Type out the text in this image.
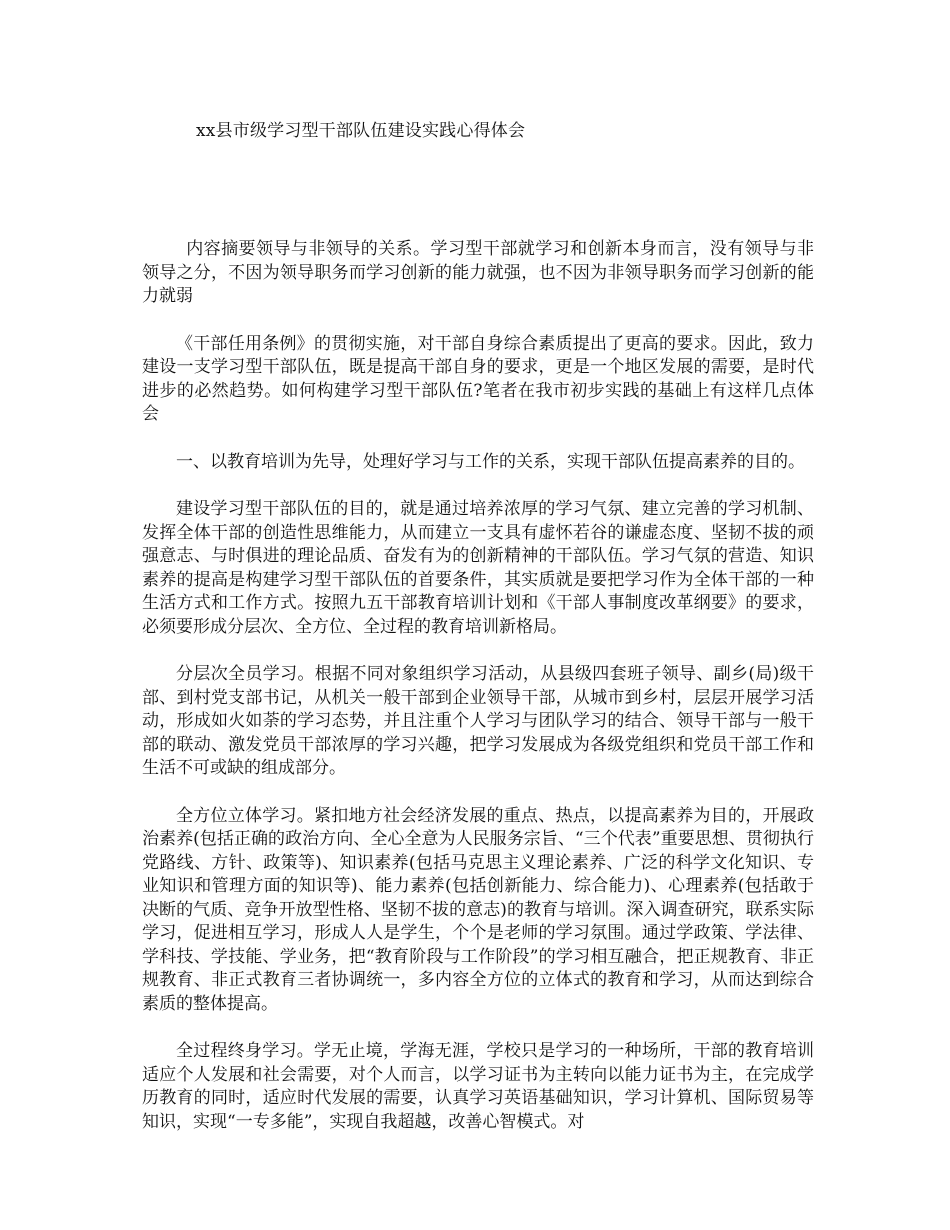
xx县市级学习型干部队伍建设实践心得体会

内容摘要领导与非领导的关系。学习型干部就学习和创新本身而言，没有领导与非领导之分，不因为领导职务而学习创新的能力就强，也不因为非领导职务而学习创新的能力就弱

《干部任用条例》的贯彻实施，对干部自身综合素质提出了更高的要求。因此，致力建设一支学习型干部队伍，既是提高干部自身的要求，更是一个地区发展的需要，是时代进步的必然趋势。如何构建学习型干部队伍?笔者在我市初步实践的基础上有这样几点体会

一、以教育培训为先导，处理好学习与工作的关系，实现干部队伍提高素养的目的。

建设学习型干部队伍的目的，就是通过培养浓厚的学习气氛、建立完善的学习机制、发挥全体干部的创造性思维能力，从而建立一支具有虚怀若谷的谦虚态度、坚韧不拔的顽强意志、与时俱进的理论品质、奋发有为的创新精神的干部队伍。学习气氛的营造、知识素养的提高是构建学习型干部队伍的首要条件，其实质就是要把学习作为全体干部的一种生活方式和工作方式。按照九五干部教育培训计划和《干部人事制度改革纲要》的要求，必须要形成分层次、全方位、全过程的教育培训新格局。

分层次全员学习。根据不同对象组织学习活动，从县级四套班子领导、副乡(局)级干部、到村党支部书记，从机关一般干部到企业领导干部，从城市到乡村，层层开展学习活动，形成如火如荼的学习态势，并且注重个人学习与团队学习的结合、领导干部与一般干部的联动、激发党员干部浓厚的学习兴趣，把学习发展成为各级党组织和党员干部工作和生活不可或缺的组成部分。

全方位立体学习。紧扣地方社会经济发展的重点、热点，以提高素养为目的，开展政治素养(包括正确的政治方向、全心全意为人民服务宗旨、“三个代表”重要思想、贯彻执行党路线、方针、政策等)、知识素养(包括马克思主义理论素养、广泛的科学文化知识、专业知识和管理方面的知识等)、能力素养(包括创新能力、综合能力)、心理素养(包括敢于决断的气质、竞争开放型性格、坚韧不拔的意志)的教育与培训。深入调查研究，联系实际学习，促进相互学习，形成人人是学生，个个是老师的学习氛围。通过学政策、学法律、学科技、学技能、学业务，把“教育阶段与工作阶段”的学习相互融合，把正规教育、非正规教育、非正式教育三者协调统一，多内容全方位的立体式的教育和学习，从而达到综合素质的整体提高。

全过程终身学习。学无止境，学海无涯，学校只是学习的一种场所，干部的教育培训适应个人发展和社会需要，对个人而言，以学习证书为主转向以能力证书为主，在完成学历教育的同时，适应时代发展的需要，认真学习英语基础知识，学习计算机、国际贸易等知识，实现“一专多能”，实现自我超越，改善心智模式。对
